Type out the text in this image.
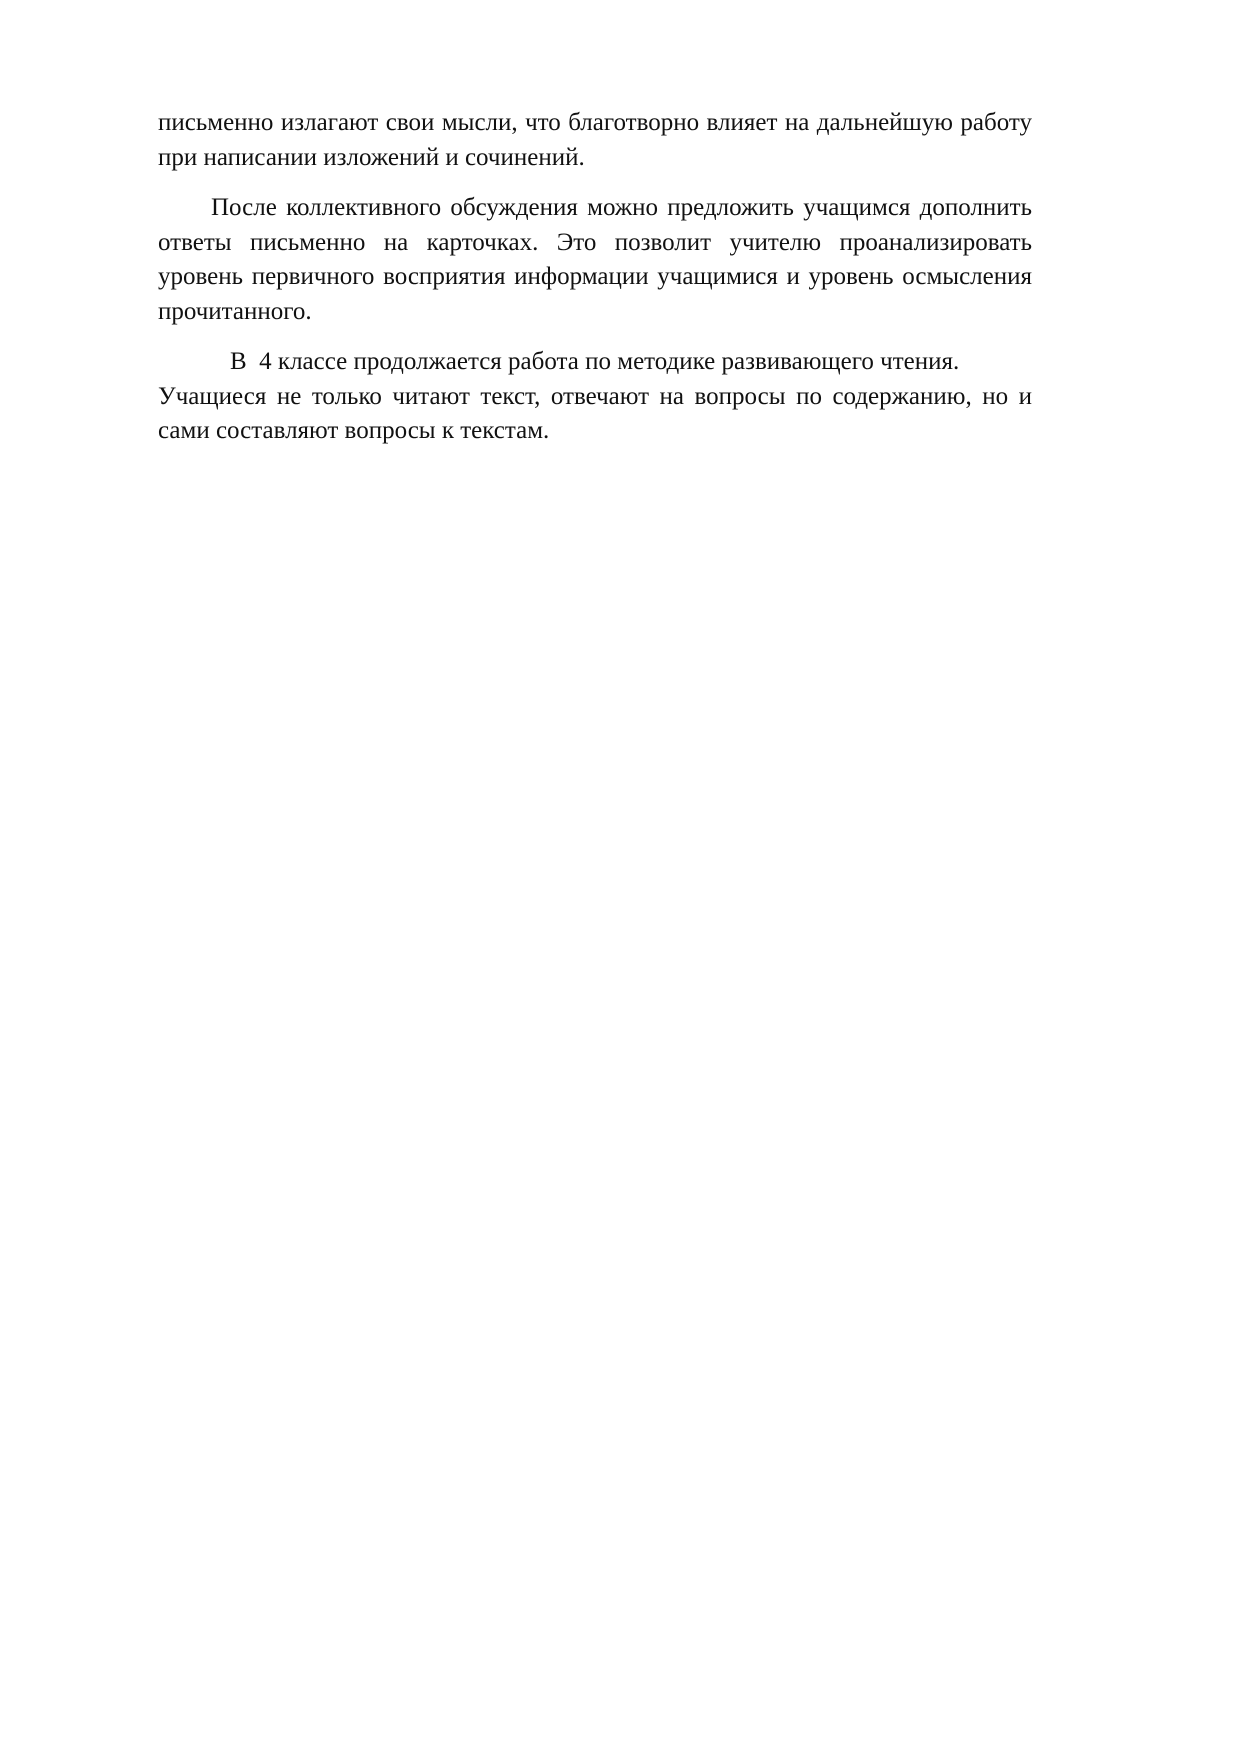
письменно излагают свои мысли, что благотворно влияет на дальнейшую работу при написании изложений и сочинений.

После коллективного обсуждения можно предложить учащимся дополнить ответы письменно на карточках. Это позволит учителю проанализировать уровень первичного восприятия информации учащимися и уровень осмысления прочитанного.

В  4 классе продолжается работа по методике развивающего чтения.
Учащиеся не только читают текст, отвечают на вопросы по содержанию, но и сами составляют вопросы к текстам.
